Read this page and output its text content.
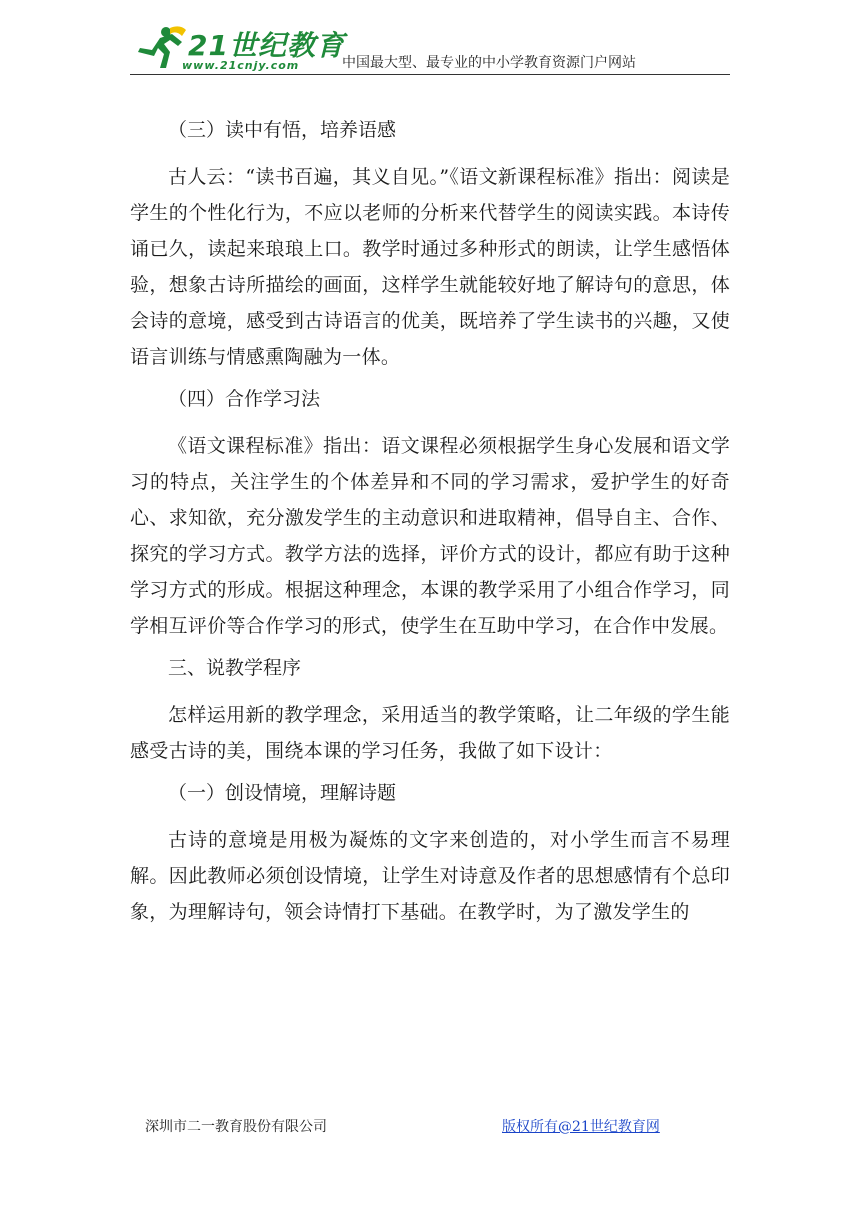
21世纪教育
www.21cnjy.com	中国最大型、最专业的中小学教育资源门户网站

（三）读中有悟，培养语感

古人云：“读书百遍，其义自见。”《语文新课程标准》指出：阅读是学生的个性化行为，不应以老师的分析来代替学生的阅读实践。本诗传诵已久，读起来琅琅上口。教学时通过多种形式的朗读，让学生感悟体验，想象古诗所描绘的画面，这样学生就能较好地了解诗句的意思，体会诗的意境，感受到古诗语言的优美，既培养了学生读书的兴趣，又使语言训练与情感熏陶融为一体。

（四）合作学习法

《语文课程标准》指出：语文课程必须根据学生身心发展和语文学习的特点，关注学生的个体差异和不同的学习需求，爱护学生的好奇心、求知欲，充分激发学生的主动意识和进取精神，倡导自主、合作、探究的学习方式。教学方法的选择，评价方式的设计，都应有助于这种学习方式的形成。根据这种理念，本课的教学采用了小组合作学习，同学相互评价等合作学习的形式，使学生在互助中学习，在合作中发展。

三、说教学程序

怎样运用新的教学理念，采用适当的教学策略，让二年级的学生能感受古诗的美，围绕本课的学习任务，我做了如下设计：

（一）创设情境，理解诗题

古诗的意境是用极为凝炼的文字来创造的，对小学生而言不易理解。因此教师必须创设情境，让学生对诗意及作者的思想感情有个总印象，为理解诗句，领会诗情打下基础。在教学时，为了激发学生的

深圳市二一教育股份有限公司	版权所有@21世纪教育网
